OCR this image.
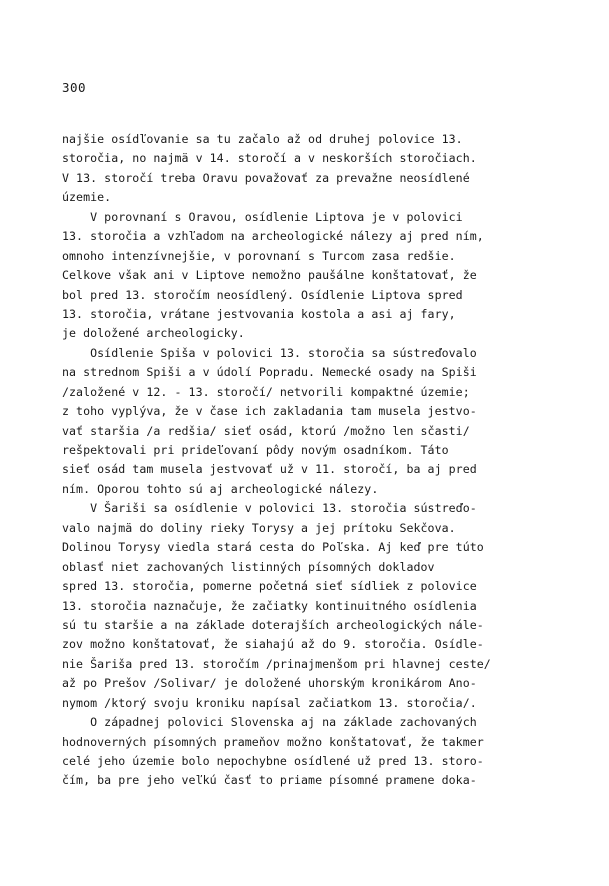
300
najšie osídľovanie sa tu začalo až od druhej polovice 13.
storočia, no najmä v 14. storočí a v neskorších storočiach.
V 13. storočí treba Oravu považovať za prevažne neosídlené
územie.
V porovnaní s Oravou, osídlenie Liptova je v polovici
13. storočia a vzhľadom na archeologické nálezy aj pred ním,
omnoho intenzívnejšie, v porovnaní s Turcom zasa redšie.
Celkove však ani v Liptove nemožno paušálne konštatovať, že
bol pred 13. storočím neosídlený. Osídlenie Liptova spred
13. storočia, vrátane jestvovania kostola a asi aj fary,
je doložené archeologicky.
Osídlenie Spiša v polovici 13. storočia sa sústreďovalo
na strednom Spiši a v údolí Popradu. Nemecké osady na Spiši
/založené v 12. - 13. storočí/ netvorili kompaktné územie;
z toho vyplýva, že v čase ich zakladania tam musela jestvo-
vať staršia /a redšia/ sieť osád, ktorú /možno len sčasti/
rešpektovali pri prideľovaní pôdy novým osadníkom. Táto
sieť osád tam musela jestvovať už v 11. storočí, ba aj pred
ním. Oporou tohto sú aj archeologické nálezy.
V Šariši sa osídlenie v polovici 13. storočia sústreďo-
valo najmä do doliny rieky Torysy a jej prítoku Sekčova.
Dolinou Torysy viedla stará cesta do Poľska. Aj keď pre túto
oblasť niet zachovaných listinných písomných dokladov
spred 13. storočia, pomerne početná sieť sídliek z polovice
13. storočia naznačuje, že začiatky kontinuitného osídlenia
sú tu staršie a na základe doterajších archeologických nále-
zov možno konštatovať, že siahajú až do 9. storočia. Osídle-
nie Šariša pred 13. storočím /prinajmenšom pri hlavnej ceste/
až po Prešov /Solivar/ je doložené uhorským kronikárom Ano-
nymom /ktorý svoju kroniku napísal začiatkom 13. storočia/.
O západnej polovici Slovenska aj na základe zachovaných
hodnoverných písomných prameňov možno konštatovať, že takmer
celé jeho územie bolo nepochybne osídlené už pred 13. storo-
čím, ba pre jeho veľkú časť to priame písomné pramene doka-
